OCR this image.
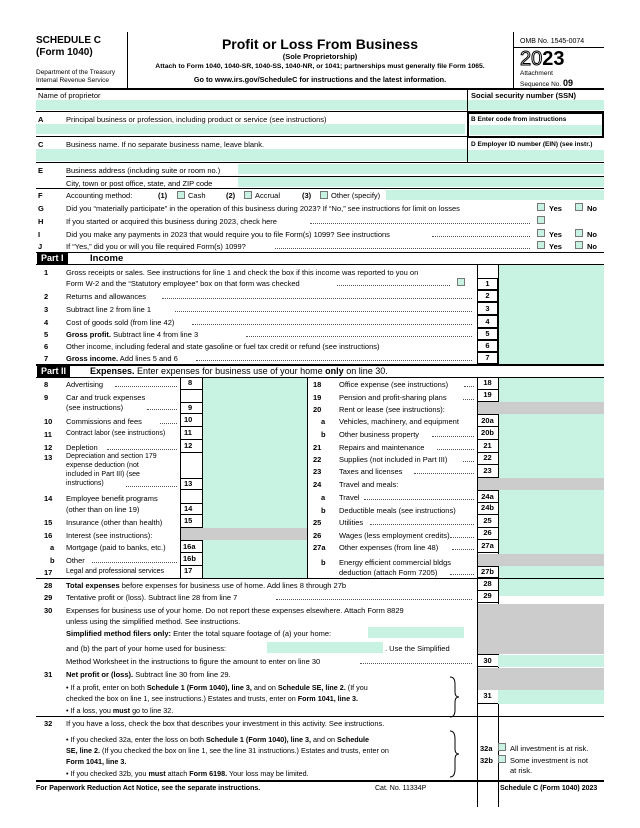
SCHEDULE C
(Form 1040)
Department of the Treasury
Internal Revenue Service
Profit or Loss From Business
(Sole Proprietorship)
Attach to Form 1040, 1040-SR, 1040-SS, 1040-NR, or 1041; partnerships must generally file Form 1065.
Go to www.irs.gov/ScheduleC for instructions and the latest information.
OMB No. 1545-0074
2023
Attachment
Sequence No. 09
Name of proprietor	Social security number (SSN)
A	Principal business or profession, including product or service (see instructions)	B Enter code from instructions
C	Business name. If no separate business name, leave blank.	D Employer ID number (EIN) (see instr.)
E	Business address (including suite or room no.)
City, town or post office, state, and ZIP code
F	Accounting method:	(1)	Cash	(2)	Accrual	(3)	Other (specify)
G	Did you “materially participate” in the operation of this business during 2023? If “No,” see instructions for limit on losses	Yes	No
H	If you started or acquired this business during 2023, check here
I	Did you make any payments in 2023 that would require you to file Form(s) 1099? See instructions	Yes	No
J	If “Yes,” did you or will you file required Form(s) 1099?	Yes	No
Part I	Income
1 Gross receipts or sales. See instructions for line 1 and check the box if this income was reported to you on
Form W-2 and the “Statutory employee” box on that form was checked	1
2 Returns and allowances	2
3 Subtract line 2 from line 1	3
4 Cost of goods sold (from line 42)	4
5 Gross profit. Subtract line 4 from line 3	5
6 Other income, including federal and state gasoline or fuel tax credit or refund (see instructions)	6
7 Gross income. Add lines 5 and 6	7
Part II	Expenses. Enter expenses for business use of your home only on line 30.
8 Advertising	8
9 Car and truck expenses
(see instructions)	9
10 Commissions and fees	10
11 Contract labor (see instructions)	11
12 Depletion	12
13 Depreciation and section 179
expense deduction (not
included in Part III) (see
instructions)	13
14 Employee benefit programs
(other than on line 19)	14
15 Insurance (other than health)	15
16 Interest (see instructions):
a Mortgage (paid to banks, etc.)	16a
b Other	16b
17 Legal and professional services	17
18 Office expense (see instructions)	18
19 Pension and profit-sharing plans	19
20 Rent or lease (see instructions):
a Vehicles, machinery, and equipment	20a
b Other business property	20b
21 Repairs and maintenance	21
22 Supplies (not included in Part III)	22
23 Taxes and licenses	23
24 Travel and meals:
a Travel	24a
b Deductible meals (see instructions)	24b
25 Utilities	25
26 Wages (less employment credits)	26
27a Other expenses (from line 48)	27a
b Energy efficient commercial bldgs
deduction (attach Form 7205)	27b
28 Total expenses before expenses for business use of home. Add lines 8 through 27b	28
29 Tentative profit or (loss). Subtract line 28 from line 7	29
30 Expenses for business use of your home. Do not report these expenses elsewhere. Attach Form 8829
unless using the simplified method. See instructions.
Simplified method filers only: Enter the total square footage of (a) your home:
and (b) the part of your home used for business:	. Use the Simplified
Method Worksheet in the instructions to figure the amount to enter on line 30	30
31 Net profit or (loss). Subtract line 30 from line 29.
• If a profit, enter on both Schedule 1 (Form 1040), line 3, and on Schedule SE, line 2. (If you
checked the box on line 1, see instructions.) Estates and trusts, enter on Form 1041, line 3.
• If a loss, you must go to line 32.
31
32 If you have a loss, check the box that describes your investment in this activity. See instructions.
• If you checked 32a, enter the loss on both Schedule 1 (Form 1040), line 3, and on Schedule
SE, line 2. (If you checked the box on line 1, see the line 31 instructions.) Estates and trusts, enter on
Form 1041, line 3.
• If you checked 32b, you must attach Form 6198. Your loss may be limited.
32a All investment is at risk.
32b Some investment is not
at risk.
For Paperwork Reduction Act Notice, see the separate instructions.	Cat. No. 11334P	Schedule C (Form 1040) 2023
